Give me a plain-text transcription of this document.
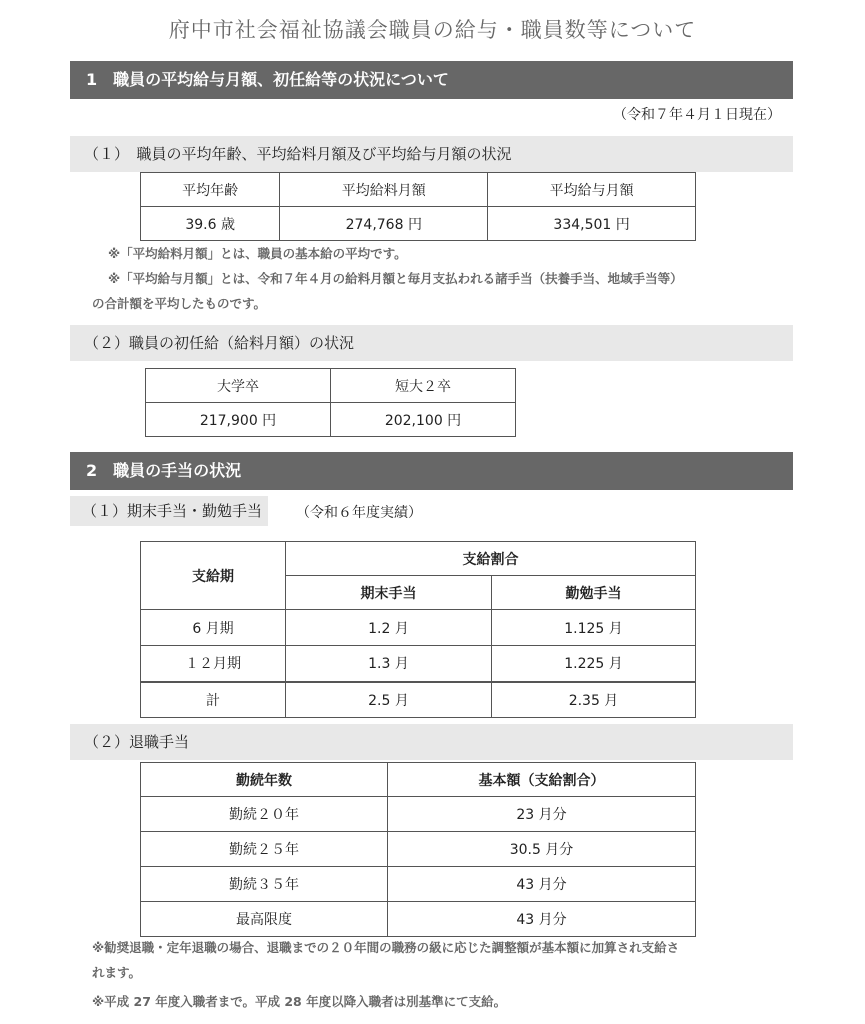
府中市社会福祉協議会職員の給与・職員数等について
1　職員の平均給与月額、初任給等の状況について
（令和７年４月１日現在）
（１）　職員の平均年齢、平均給料月額及び平均給与月額の状況
平均年齢	平均給料月額	平均給与月額
39.6 歳	274,768 円	334,501 円
※「平均給料月額」とは、職員の基本給の平均です。
※「平均給与月額」とは、令和７年４月の給料月額と毎月支払われる諸手当（扶養手当、地域手当等）
の合計額を平均したものです。
（２）職員の初任給（給料月額）の状況
大学卒	短大２卒
217,900 円	202,100 円
2　職員の手当の状況
（１）期末手当・勤勉手当	（令和６年度実績）
支給期	支給割合	
	期末手当	勤勉手当
6 月期	1.2 月	1.125 月
１２月期	1.3 月	1.225 月
計	2.5 月	2.35 月
（２）退職手当
勤続年数	基本額（支給割合）
勤続２０年	23 月分
勤続２５年	30.5 月分
勤続３５年	43 月分
最高限度	43 月分
※勧奨退職・定年退職の場合、退職までの２０年間の職務の級に応じた調整額が基本額に加算され支給さ
れます。
※平成 27 年度入職者まで。平成 28 年度以降入職者は別基準にて支給。
